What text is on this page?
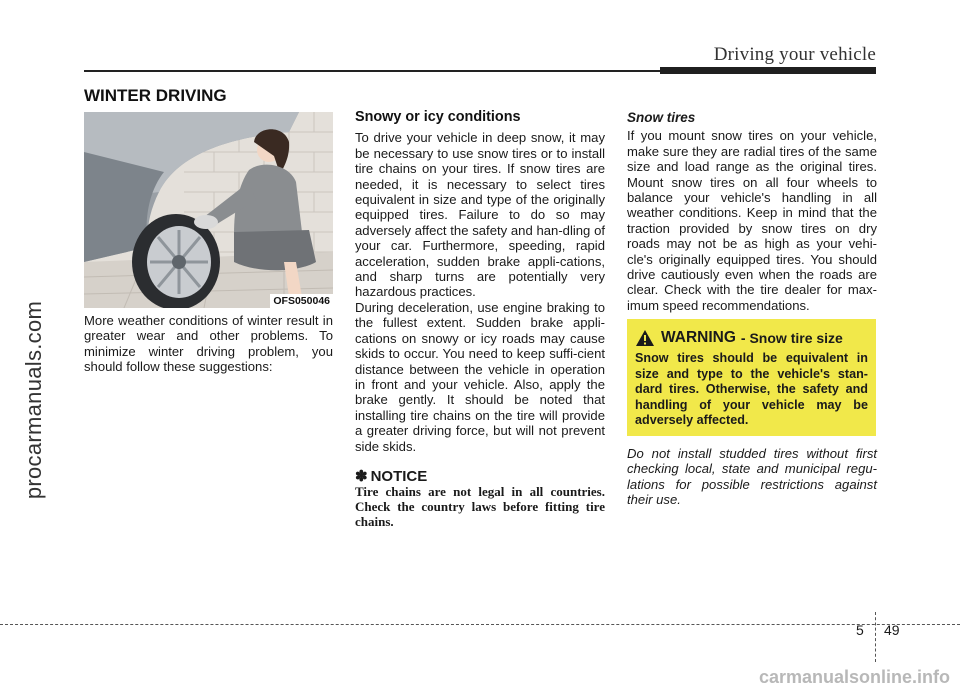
Driving your vehicle
WINTER DRIVING
OFS050046

More weather conditions of winter result in greater wear and other problems. To minimize winter driving problem, you should follow these suggestions:

Snowy or icy conditions

To drive your vehicle in deep snow, it may be necessary to use snow tires or to install tire chains on your tires. If snow tires are needed, it is necessary to select tires equivalent in size and type of the originally equipped tires. Failure to do so may adversely affect the safety and han-dling of your car. Furthermore, speeding, rapid acceleration, sudden brake appli-cations, and sharp turns are potentially very hazardous practices.

During deceleration, use engine braking to the fullest extent. Sudden brake appli-cations on snowy or icy roads may cause skids to occur. You need to keep suffi-cient distance between the vehicle in operation in front and your vehicle. Also, apply the brake gently. It should be noted that installing tire chains on the tire will provide a greater driving force, but will not prevent side skids.

✽ NOTICE

Tire chains are not legal in all countries. Check the country laws before fitting tire chains.

Snow tires

If you mount snow tires on your vehicle, make sure they are radial tires of the same size and load range as the original tires. Mount snow tires on all four wheels to balance your vehicle's handling in all weather conditions. Keep in mind that the traction provided by snow tires on dry roads may not be as high as your vehi-cle's originally equipped tires. You should drive cautiously even when the roads are clear. Check with the tire dealer for max-imum speed recommendations.

WARNING - Snow tire size
Snow tires should be equivalent in size and type to the vehicle's stan-dard tires. Otherwise, the safety and handling of your vehicle may be adversely affected.

Do not install studded tires without first checking local, state and municipal regu-lations for possible restrictions against their use.

5 49
procarmanuals.com
carmanualsonline.info
